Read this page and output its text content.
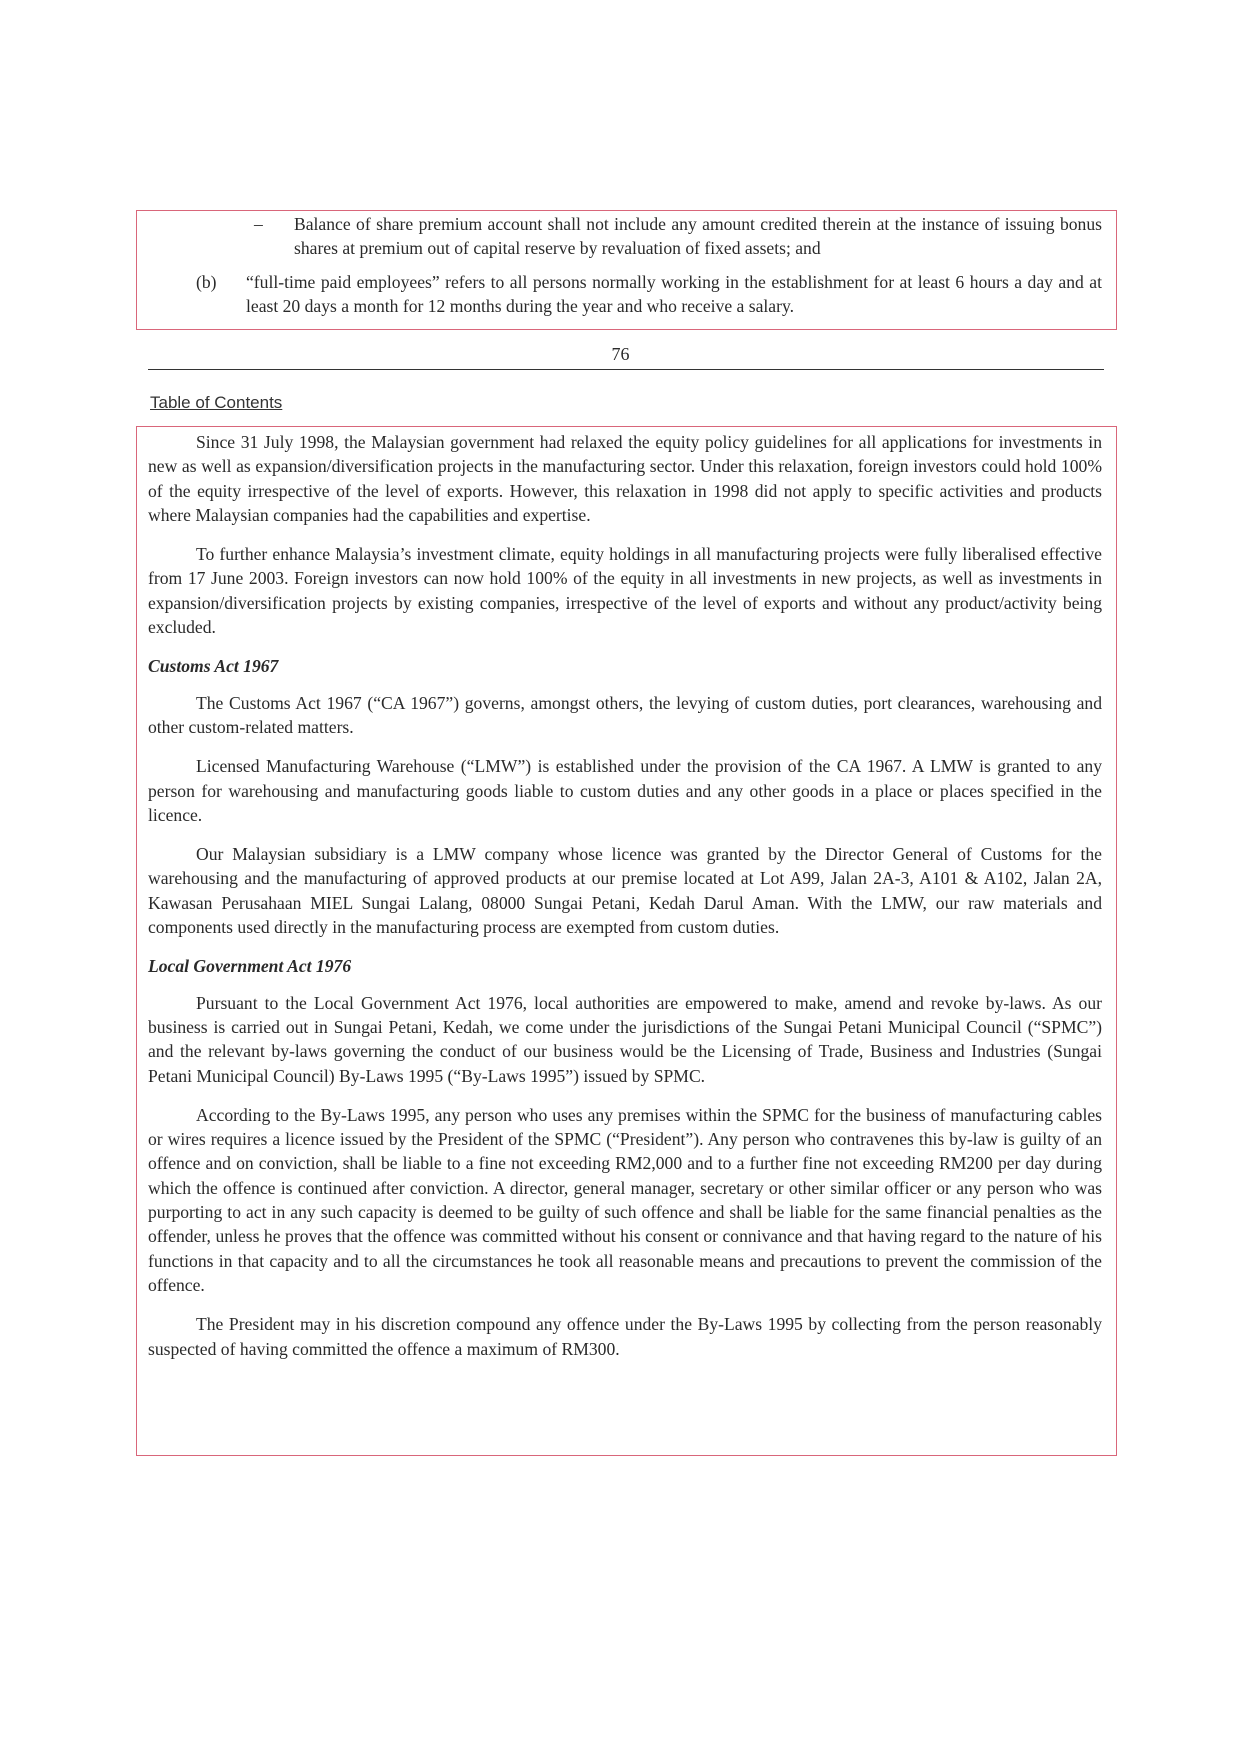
–	Balance of share premium account shall not include any amount credited therein at the instance of issuing bonus shares at premium out of capital reserve by revaluation of fixed assets; and
(b)	“full-time paid employees” refers to all persons normally working in the establishment for at least 6 hours a day and at least 20 days a month for 12 months during the year and who receive a salary.
76
Table of Contents

Since 31 July 1998, the Malaysian government had relaxed the equity policy guidelines for all applications for investments in new as well as expansion/diversification projects in the manufacturing sector. Under this relaxation, foreign investors could hold 100% of the equity irrespective of the level of exports. However, this relaxation in 1998 did not apply to specific activities and products where Malaysian companies had the capabilities and expertise.

To further enhance Malaysia’s investment climate, equity holdings in all manufacturing projects were fully liberalised effective from 17 June 2003. Foreign investors can now hold 100% of the equity in all investments in new projects, as well as investments in expansion/diversification projects by existing companies, irrespective of the level of exports and without any product/activity being excluded.

Customs Act 1967

The Customs Act 1967 (“CA 1967”) governs, amongst others, the levying of custom duties, port clearances, warehousing and other custom-related matters.

Licensed Manufacturing Warehouse (“LMW”) is established under the provision of the CA 1967. A LMW is granted to any person for warehousing and manufacturing goods liable to custom duties and any other goods in a place or places specified in the licence.

Our Malaysian subsidiary is a LMW company whose licence was granted by the Director General of Customs for the warehousing and the manufacturing of approved products at our premise located at Lot A99, Jalan 2A-3, A101 & A102, Jalan 2A, Kawasan Perusahaan MIEL Sungai Lalang, 08000 Sungai Petani, Kedah Darul Aman. With the LMW, our raw materials and components used directly in the manufacturing process are exempted from custom duties.

Local Government Act 1976

Pursuant to the Local Government Act 1976, local authorities are empowered to make, amend and revoke by-laws. As our business is carried out in Sungai Petani, Kedah, we come under the jurisdictions of the Sungai Petani Municipal Council (“SPMC”) and the relevant by-laws governing the conduct of our business would be the Licensing of Trade, Business and Industries (Sungai Petani Municipal Council) By-Laws 1995 (“By-Laws 1995”) issued by SPMC.

According to the By-Laws 1995, any person who uses any premises within the SPMC for the business of manufacturing cables or wires requires a licence issued by the President of the SPMC (“President”). Any person who contravenes this by-law is guilty of an offence and on conviction, shall be liable to a fine not exceeding RM2,000 and to a further fine not exceeding RM200 per day during which the offence is continued after conviction. A director, general manager, secretary or other similar officer or any person who was purporting to act in any such capacity is deemed to be guilty of such offence and shall be liable for the same financial penalties as the offender, unless he proves that the offence was committed without his consent or connivance and that having regard to the nature of his functions in that capacity and to all the circumstances he took all reasonable means and precautions to prevent the commission of the offence.

The President may in his discretion compound any offence under the By-Laws 1995 by collecting from the person reasonably suspected of having committed the offence a maximum of RM300.
